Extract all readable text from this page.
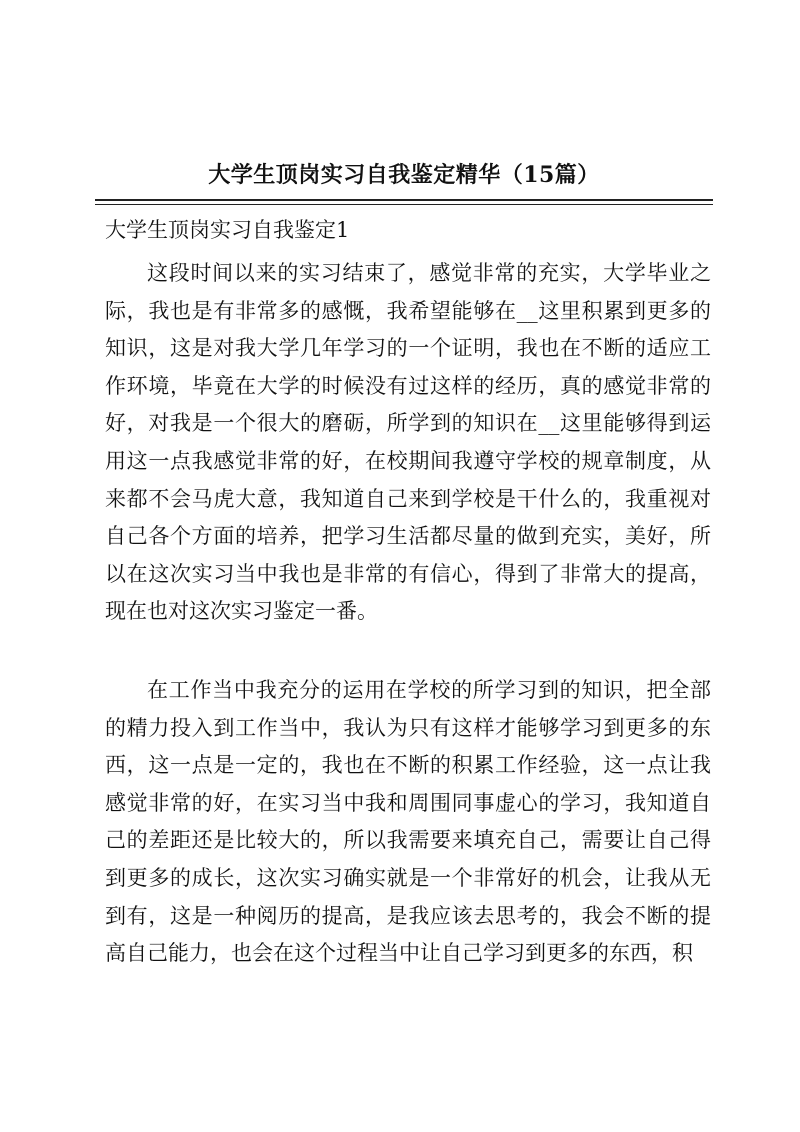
大学生顶岗实习自我鉴定精华（15篇）
大学生顶岗实习自我鉴定1

这段时间以来的实习结束了，感觉非常的充实，大学毕业之际，我也是有非常多的感慨，我希望能够在__这里积累到更多的知识，这是对我大学几年学习的一个证明，我也在不断的适应工作环境，毕竟在大学的时候没有过这样的经历，真的感觉非常的好，对我是一个很大的磨砺，所学到的知识在__这里能够得到运用这一点我感觉非常的好，在校期间我遵守学校的规章制度，从来都不会马虎大意，我知道自己来到学校是干什么的，我重视对自己各个方面的培养，把学习生活都尽量的做到充实，美好，所以在这次实习当中我也是非常的有信心，得到了非常大的提高，现在也对这次实习鉴定一番。

在工作当中我充分的运用在学校的所学习到的知识，把全部的精力投入到工作当中，我认为只有这样才能够学习到更多的东西，这一点是一定的，我也在不断的积累工作经验，这一点让我感觉非常的好，在实习当中我和周围同事虚心的学习，我知道自己的差距还是比较大的，所以我需要来填充自己，需要让自己得到更多的成长，这次实习确实就是一个非常好的机会，让我从无到有，这是一种阅历的提高，是我应该去思考的，我会不断的提高自己能力，也会在这个过程当中让自己学习到更多的东西，积
